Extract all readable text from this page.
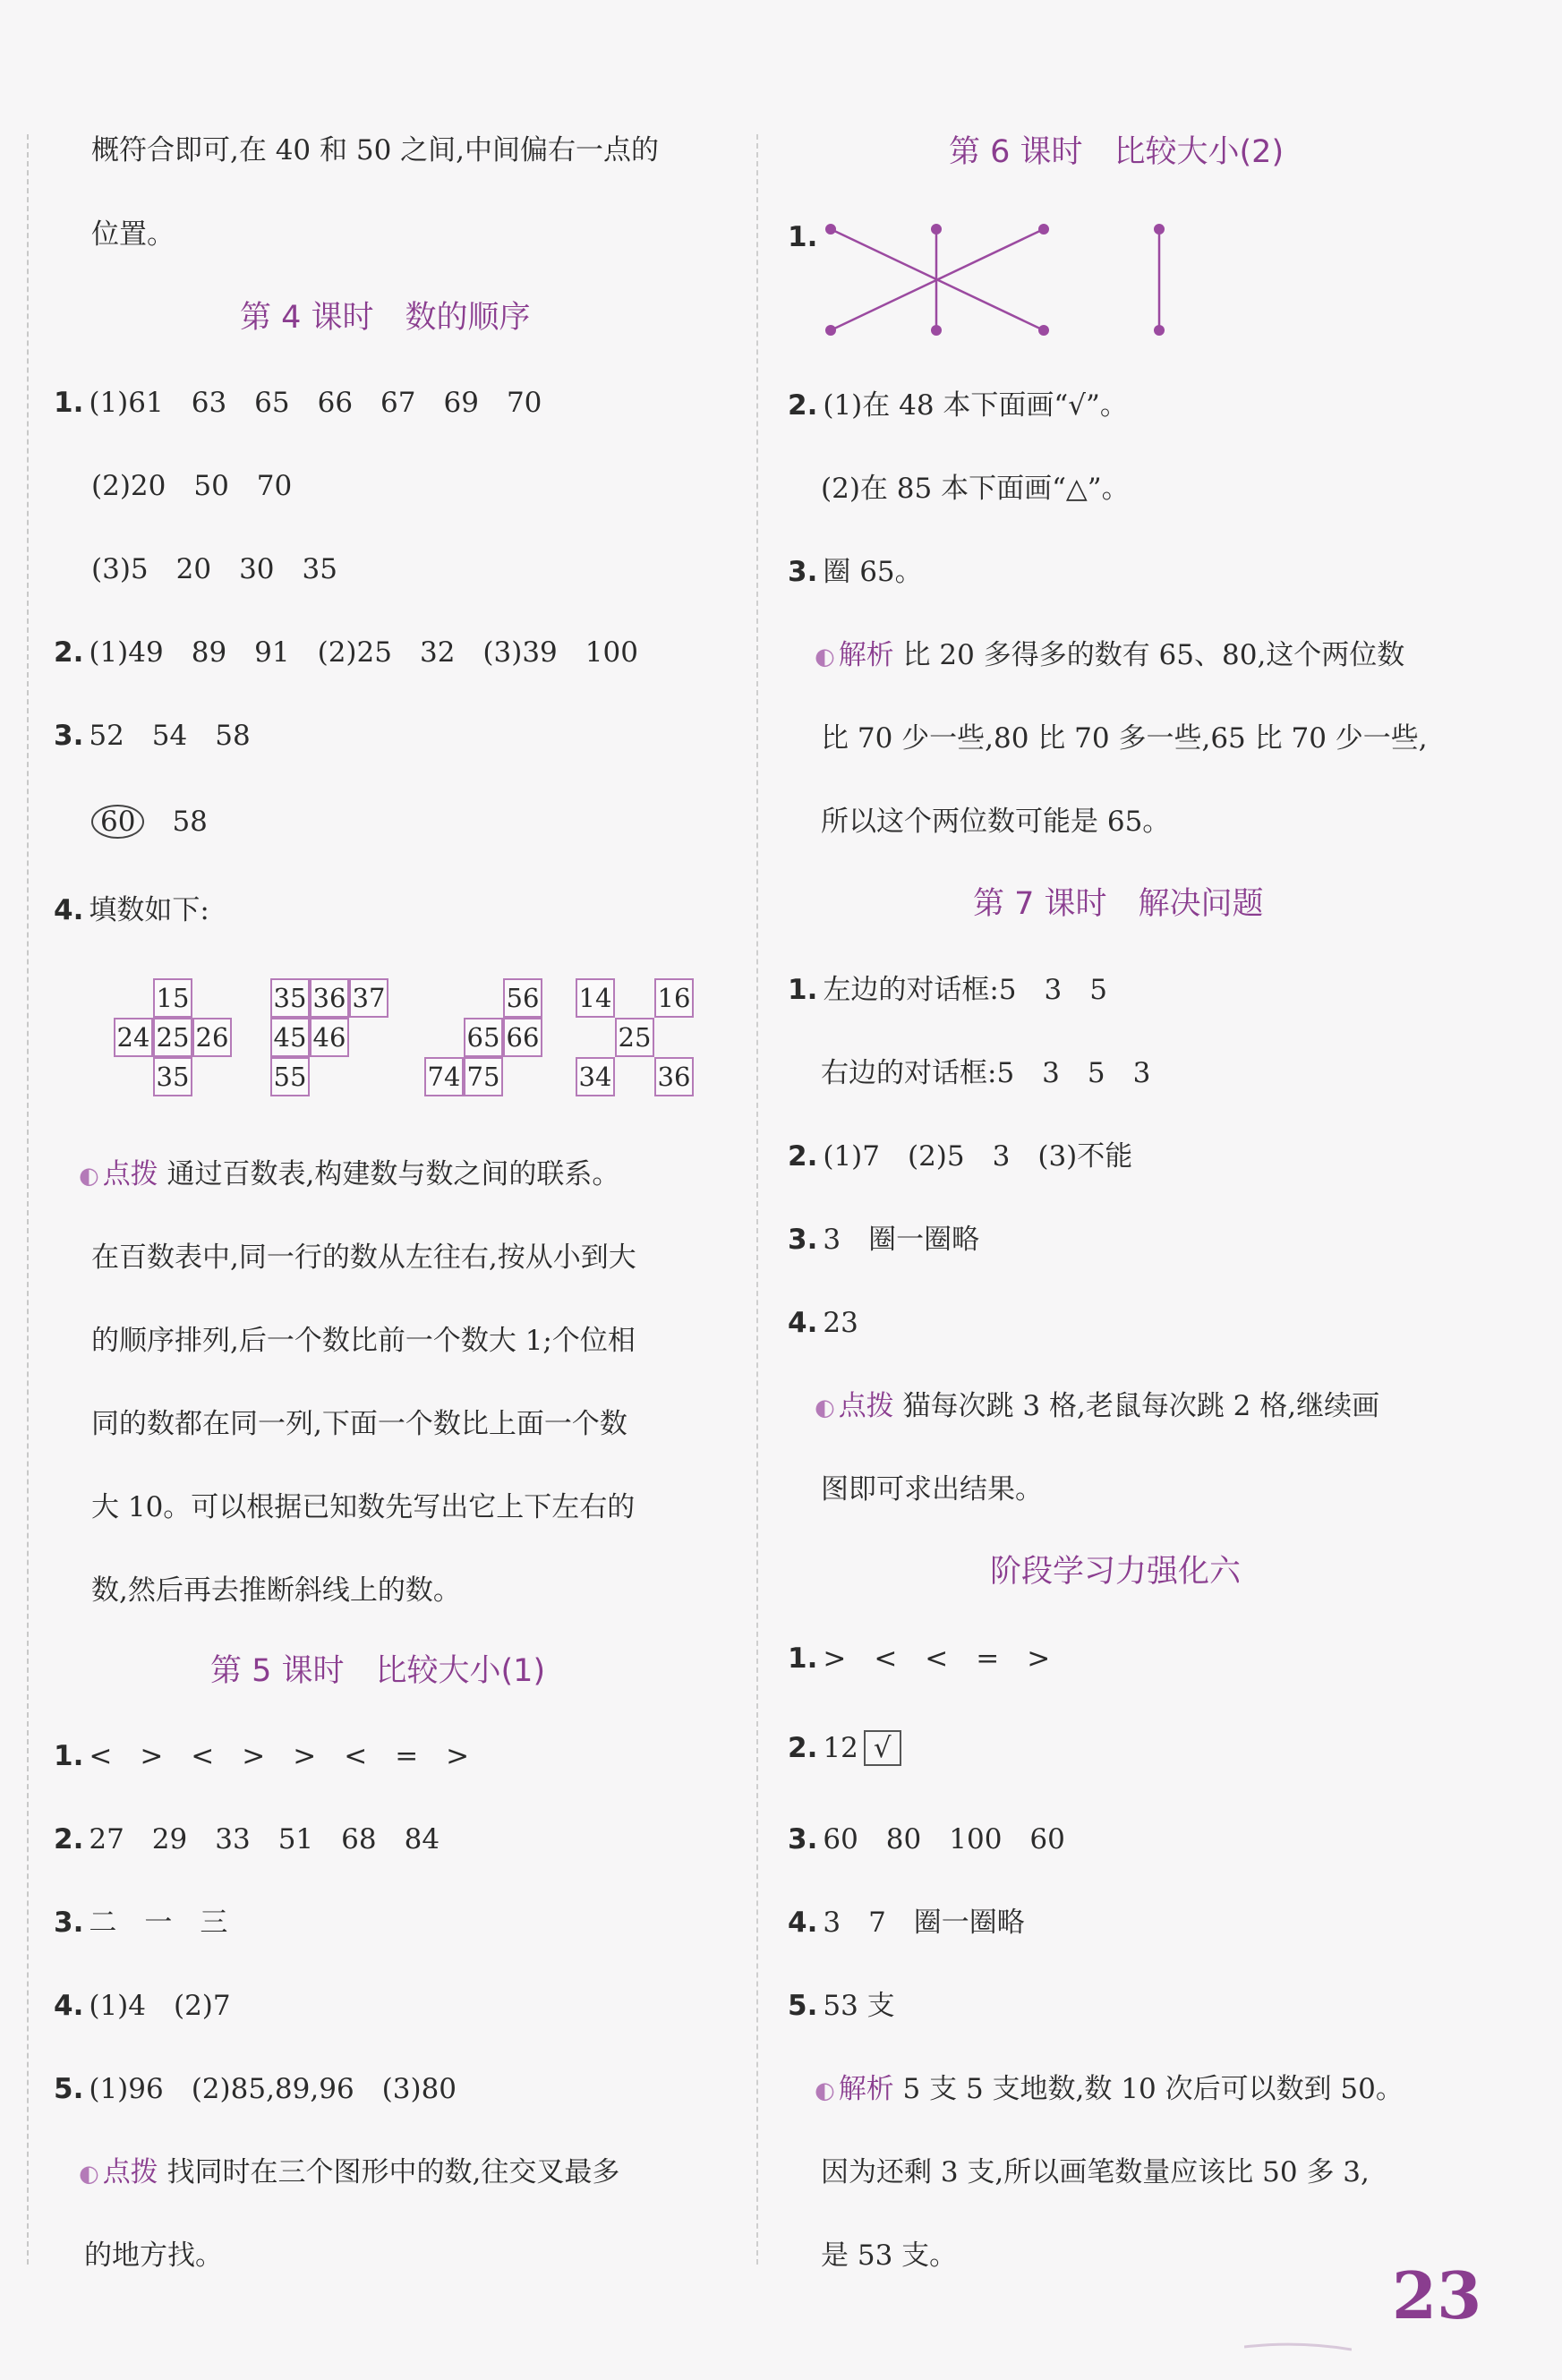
概符合即可,在 40 和 50 之间,中间偏右一点的
位置。
第 4 课时　数的顺序
1. (1)61　63　65　66　67　69　70
(2)20　50　70
(3)5　20　30　35
2. (1)49　89　91　(2)25　32　(3)39　100
3. 52　54　58
60　 58
4. 填数如下:
15
24 25 26
35
35 36 37
45 46
55
56
65 66
74 75
14 16
25
34 36
◐ 点拨 通过百数表,构建数与数之间的联系。
在百数表中,同一行的数从左往右,按从小到大
的顺序排列,后一个数比前一个数大 1;个位相
同的数都在同一列,下面一个数比上面一个数
大 10。可以根据已知数先写出它上下左右的
数,然后再去推断斜线上的数。
第 5 课时　比较大小(1)
1. <　>　<　>　>　<　=　>
2. 27　29　33　51　68　84
3. 二　一　三
4. (1)4　(2)7
5. (1)96　(2)85,89,96　(3)80
◐ 点拨 找同时在三个图形中的数,往交叉最多
的地方找。
第 6 课时　比较大小(2)
1.
2. (1)在 48 本下面画“√”。
(2)在 85 本下面画“△”。
3. 圈 65。
◐ 解析 比 20 多得多的数有 65、80,这个两位数
比 70 少一些,80 比 70 多一些,65 比 70 少一些,
所以这个两位数可能是 65。
第 7 课时　解决问题
1. 左边的对话框:5　3　5
右边的对话框:5　3　5　3
2. (1)7　(2)5　3　(3)不能
3. 3　圈一圈略
4. 23
◐ 点拨 猫每次跳 3 格,老鼠每次跳 2 格,继续画
图即可求出结果。
阶段学习力强化六
1. >　<　<　=　>
2. 12 √
3. 60　80　100　60
4. 3　7　圈一圈略
5. 53 支
◐ 解析 5 支 5 支地数,数 10 次后可以数到 50。
因为还剩 3 支,所以画笔数量应该比 50 多 3,
是 53 支。
23
